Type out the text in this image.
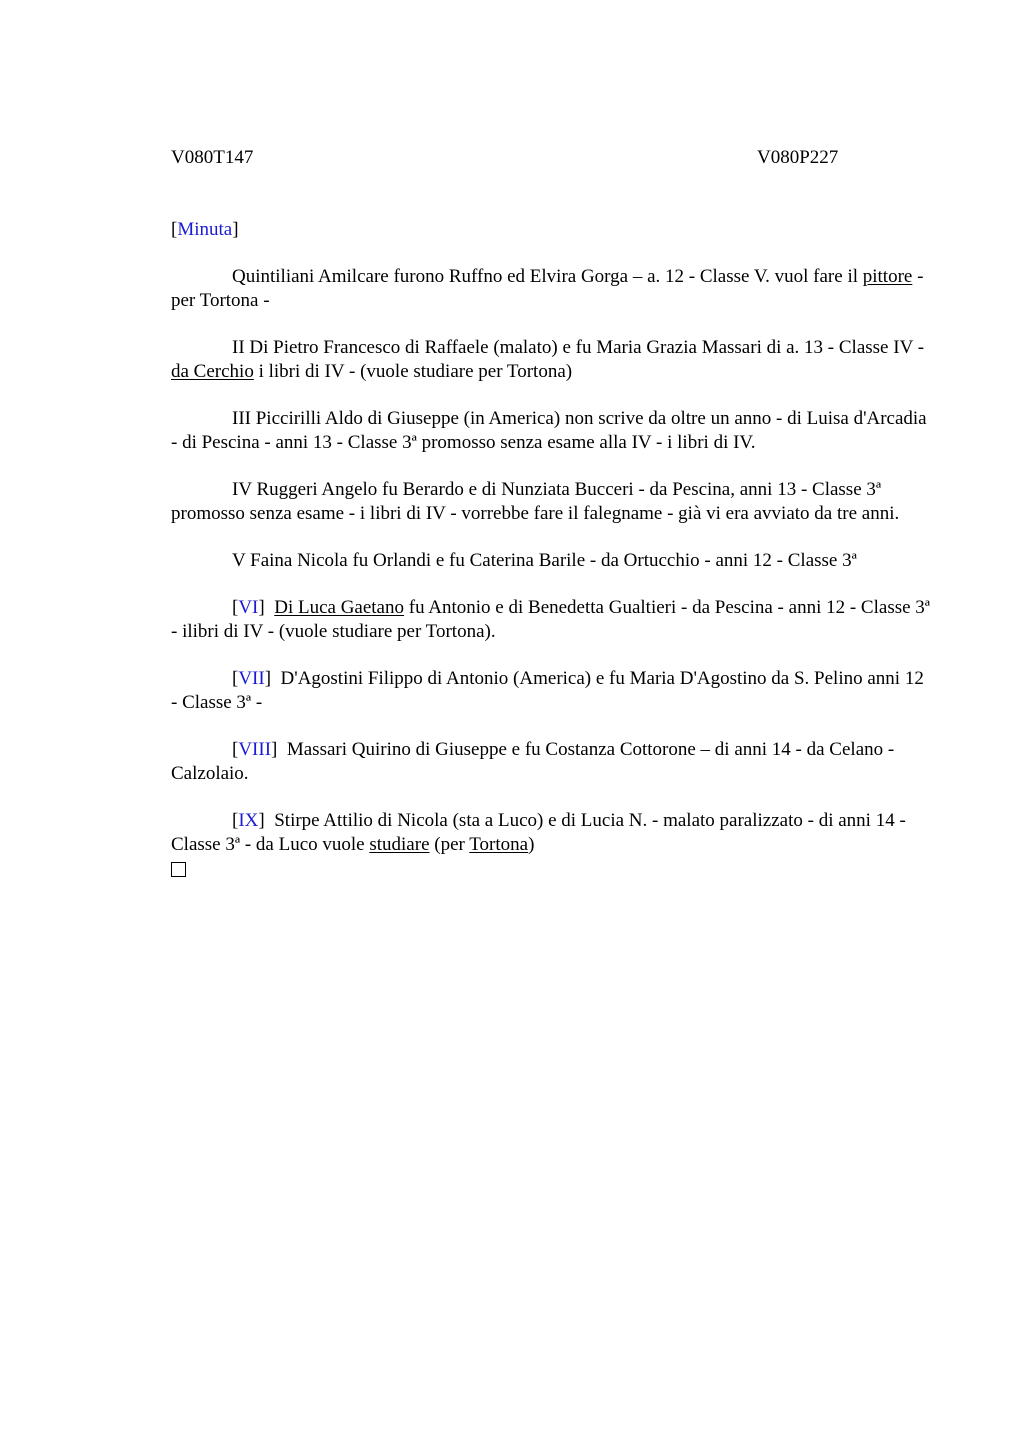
V080T147	V080P227
[Minuta]

Quintiliani Amilcare furono Ruffno ed Elvira Gorga – a. 12 - Classe V. vuol fare il pittore - per Tortona -

II Di Pietro Francesco di Raffaele (malato) e fu Maria Grazia Massari di a. 13 - Classe IV - da Cerchio i libri di IV - (vuole studiare per Tortona)

III Piccirilli Aldo di Giuseppe (in America) non scrive da oltre un anno - di Luisa d'Arcadia - di Pescina - anni 13 - Classe 3ª promosso senza esame alla IV - i libri di IV.

IV Ruggeri Angelo fu Berardo e di Nunziata Bucceri - da Pescina, anni 13 - Classe 3ª promosso senza esame - i libri di IV - vorrebbe fare il falegname - già vi era avviato da tre anni.

V Faina Nicola fu Orlandi e fu Caterina Barile - da Ortucchio - anni 12 - Classe 3ª

[VI] Di Luca Gaetano fu Antonio e di Benedetta Gualtieri - da Pescina - anni 12 - Classe 3ª - ilibri di IV - (vuole studiare per Tortona).

[VII] D'Agostini Filippo di Antonio (America) e fu Maria D'Agostino da S. Pelino anni 12 - Classe 3ª -

[VIII] Massari Quirino di Giuseppe e fu Costanza Cottorone – di anni 14 - da Celano - Calzolaio.

[IX] Stirpe Attilio di Nicola (sta a Luco) e di Lucia N. - malato paralizzato - di anni 14 - Classe 3ª - da Luco vuole studiare (per Tortona)
